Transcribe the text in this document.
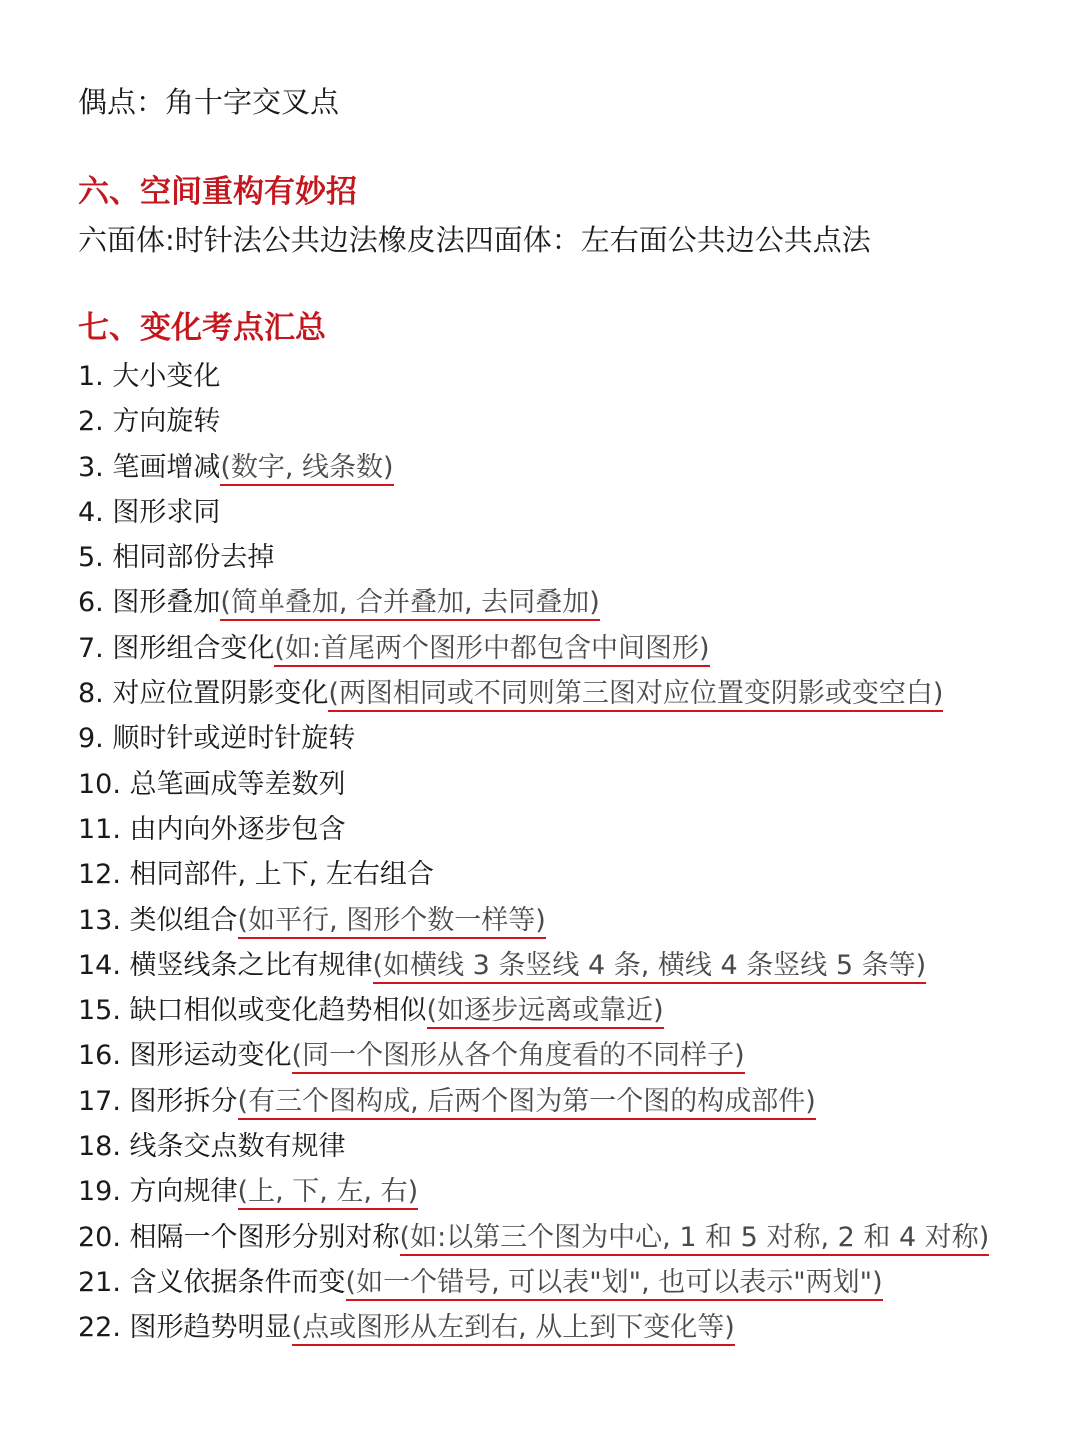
偶点：角十字交叉点
六、空间重构有妙招
六面体:时针法公共边法橡皮法四面体：左右面公共边公共点法
七、变化考点汇总
1. 大小变化
2. 方向旋转
3. 笔画增减(数字, 线条数)
4. 图形求同
5. 相同部份去掉
6. 图形叠加(简单叠加, 合并叠加, 去同叠加)
7. 图形组合变化(如:首尾两个图形中都包含中间图形)
8. 对应位置阴影变化(两图相同或不同则第三图对应位置变阴影或变空白)
9. 顺时针或逆时针旋转
10. 总笔画成等差数列
11. 由内向外逐步包含
12. 相同部件, 上下, 左右组合
13. 类似组合(如平行, 图形个数一样等)
14. 横竖线条之比有规律(如横线 3 条竖线 4 条, 横线 4 条竖线 5 条等)
15. 缺口相似或变化趋势相似(如逐步远离或靠近)
16. 图形运动变化(同一个图形从各个角度看的不同样子)
17. 图形拆分(有三个图构成, 后两个图为第一个图的构成部件)
18. 线条交点数有规律
19. 方向规律(上, 下, 左, 右)
20. 相隔一个图形分别对称(如:以第三个图为中心, 1 和 5 对称, 2 和 4 对称)
21. 含义依据条件而变(如一个错号, 可以表"划", 也可以表示"两划")
22. 图形趋势明显(点或图形从左到右, 从上到下变化等)
